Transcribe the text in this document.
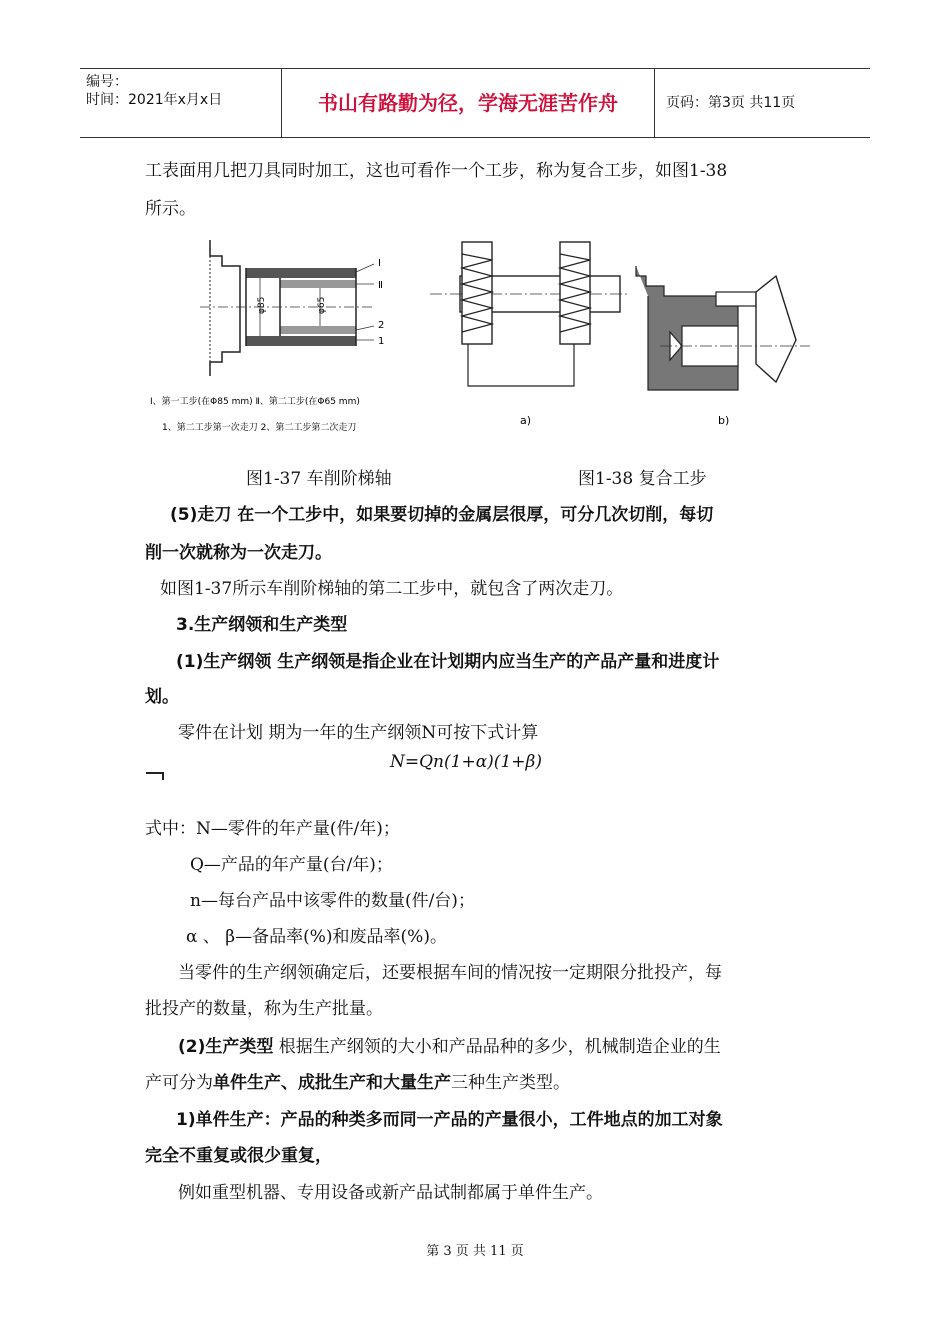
编号：
时间：2021年x月x日	书山有路勤为径，学海无涯苦作舟	页码：第3页 共11页
工表面用几把刀具同时加工，这也可看作一个工步，称为复合工步，如图1-38
所示。
φ85	φ65
Ⅰ
Ⅱ
2
1
Ⅰ、第一工步(在Φ85 mm) Ⅱ、第二工步(在Φ65 mm)
1、第二工步第一次走刀 2、第二工步第二次走刀
a)	b)
图1-37 车削阶梯轴	图1-38 复合工步
(5)走刀 在一个工步中，如果要切掉的金属层很厚，可分几次切削，每切
削一次就称为一次走刀。
如图1-37所示车削阶梯轴的第二工步中，就包含了两次走刀。
3.生产纲领和生产类型
(1)生产纲领 生产纲领是指企业在计划期内应当生产的产品产量和进度计
划。
零件在计划 期为一年的生产纲领N可按下式计算
N=Qn(1+α)(1+β)
式中：N—零件的年产量(件/年)；
Q—产品的年产量(台/年)；
n—每台产品中该零件的数量(件/台)；
α 、 β—备品率(%)和废品率(%)。
当零件的生产纲领确定后，还要根据车间的情况按一定期限分批投产，每
批投产的数量，称为生产批量。
(2)生产类型 根据生产纲领的大小和产品品种的多少，机械制造企业的生
产可分为单件生产、成批生产和大量生产三种生产类型。
1)单件生产：产品的种类多而同一产品的产量很小，工件地点的加工对象
完全不重复或很少重复，
例如重型机器、专用设备或新产品试制都属于单件生产。
第 3 页 共 11 页
